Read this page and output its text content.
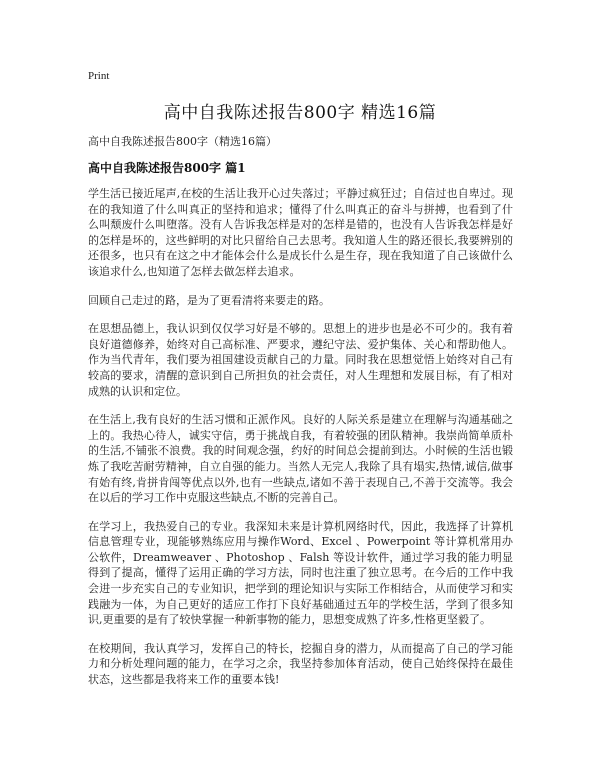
Print
高中自我陈述报告800字 精选16篇
高中自我陈述报告800字（精选16篇）
高中自我陈述报告800字 篇1

学生活已接近尾声,在校的生活让我开心过失落过；平静过疯狂过；自信过也自卑过。现在的我知道了什么叫真正的坚持和追求；懂得了什么叫真正的奋斗与拼搏，也看到了什么叫颓废什么叫堕落。没有人告诉我怎样是对的怎样是错的，也没有人告诉我怎样是好的怎样是坏的，这些鲜明的对比只留给自己去思考。我知道人生的路还很长,我要辨别的还很多，也只有在这之中才能体会什么是成长什么是生存，现在我知道了自己该做什么该追求什么,也知道了怎样去做怎样去追求。

回顾自己走过的路，是为了更看清将来要走的路。

在思想品德上，我认识到仅仅学习好是不够的。思想上的进步也是必不可少的。我有着良好道德修养，始终对自己高标准、严要求，遵纪守法、爱护集体、关心和帮助他人。作为当代青年，我们要为祖国建设贡献自己的力量。同时我在思想觉悟上始终对自己有较高的要求，清醒的意识到自己所担负的社会责任，对人生理想和发展目标，有了相对成熟的认识和定位。

在生活上,我有良好的生活习惯和正派作风。良好的人际关系是建立在理解与沟通基础之上的。我热心待人，诚实守信，勇于挑战自我，有着较强的团队精神。我崇尚简单质朴的生活,不铺张不浪费。我的时间观念强，约好的时间总会提前到达。小时候的生活也锻炼了我吃苦耐劳精神，自立自强的能力。当然人无完人,我除了具有塌实,热情,诚信,做事有始有终,肯拼肯闯等优点以外,也有一些缺点,诸如不善于表现自己,不善于交流等。我会在以后的学习工作中克服这些缺点,不断的完善自己。

在学习上，我热爱自己的专业。我深知未来是计算机网络时代，因此，我选择了计算机信息管理专业，现能够熟练应用与操作Word、Excel 、Powerpoint 等计算机常用办公软件，Dreamweaver 、Photoshop 、Falsh 等设计软件，通过学习我的能力明显得到了提高，懂得了运用正确的学习方法，同时也注重了独立思考。在今后的工作中我会进一步充实自己的专业知识，把学到的理论知识与实际工作相结合，从而使学习和实践融为一体，为自己更好的适应工作打下良好基础通过五年的学校生活，学到了很多知识,更重要的是有了较快掌握一种新事物的能力，思想变成熟了许多,性格更坚毅了。

在校期间，我认真学习，发挥自己的特长，挖掘自身的潜力，从而提高了自己的学习能力和分析处理问题的能力，在学习之余，我坚持参加体育活动，使自己始终保持在最佳状态，这些都是我将来工作的重要本钱!
